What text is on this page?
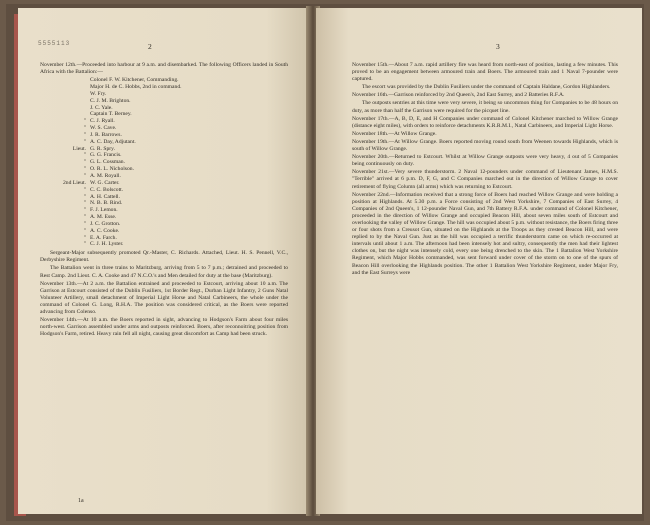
5555113	2

November 12th.—Proceeded into harbour at 9 a.m. and disembarked. The following Officers landed in South Africa with the Battalion:—

Colonel F. W. Kitchener, Commanding.
Major H. de C. Hobbs, 2nd in command.
W. Fry.
C. J. M. Brighton.
J. C. Yale.
Captain T. Berney.
" C. J. Ryall.
" W. S. Cave.
" J. R. Barrows.
" A. C. Day, Adjutant.
Lieut. G. R. Spry.
" G. G. Francis.
" G. L. Cossman.
" O. R. L. Nicholson.
" A. M. Royall.
2nd Lieut. W. G. Carter.
" C. C. Bolscott.
" A. H. Cattell.
" N. B. B. Rind.
" F. J. Lemon.
" A. M. Esse.
" J. C. Grotton.
" A. C. Cooke.
" E. A. Farch.
" C. J. H. Lyster.

Sergeant-Major subsequently promoted Qr.-Master, C. Richards. Attached, Lieut. H. S. Pennell, V.C., Derbyshire Regiment.

The Battalion went in three trains to Maritzburg, arriving from 5 to 7 p.m.; detrained and proceeded to Rest Camp. 2nd Lieut. C. A. Cooke and 47 N.C.O.'s and Men detailed for duty at the base (Maritzburg).

November 13th.—At 2 a.m. the Battalion entrained and proceeded to Estcourt, arriving about 10 a.m. The Garrison at Estcourt consisted of the Dublin Fusiliers, 1st Border Regt., Durban Light Infantry, 2 Guns Natal Volunteer Artillery, small detachment of Imperial Light Horse and Natal Carbineers, the whole under the command of Colonel G. Long, R.H.A. The position was considered critical, as the Boers were reported advancing from Colenso.

November 14th.—At 10 a.m. the Boers reported in sight, advancing to Hodgson's Farm about four miles north-west. Garrison assembled under arms and outposts reinforced. Boers, after reconnoitring position from Hodgson's Farm, retired. Heavy rain fell all night, causing great discomfort as Camp had been struck.

1a
3

November 15th.—About 7 a.m. rapid artillery fire was heard from north-east of position, lasting a few minutes. This proved to be an engagement between armoured train and Boers. The armoured train and 1 Naval 7-pounder were captured.

The escort was provided by the Dublin Fusiliers under the command of Captain Haldane, Gordon Highlanders.

November 16th.—Garrison reinforced by 2nd Queen's, 2nd East Surrey, and 2 Batteries R.F.A.

The outposts sentries at this time were very severe, it being so uncommon thing for Companies to be 48 hours on duty, as more than half the Garrison were required for the picquet line.

November 17th.—A, B, D, E, and H Companies under command of Colonel Kitchener marched to Willow Grange (distance eight miles), with orders to reinforce detachments K.R.R.M.I., Natal Carbineers, and Imperial Light Horse.

November 18th.—At Willow Grange.

November 19th.—At Willow Grange. Boers reported moving round south from Weenen towards Highlands, which is south of Willow Grange.

November 20th.—Returned to Estcourt. Whilst at Willow Grange outposts were very heavy, 4 out of 5 Companies being continuously on duty.

November 21st.—Very severe thunderstorm. 2 Naval 12-pounders under command of Lieutenant James, H.M.S. "Terrible" arrived at 6 p.m. D, F, G, and C Companies marched out in the direction of Willow Grange to cover retirement of flying Column (all arms) which was returning to Estcourt.

November 22nd.—Information received that a strong force of Boers had reached Willow Grange and were holding a position at Highlands. At 5.30 p.m. a Force consisting of 2nd West Yorkshire, 7 Companies of East Surrey, 4 Companies of 2nd Queen's, 1 12-pounder Naval Gun, and 7th Battery R.F.A. under command of Colonel Kitchener, proceeded in the direction of Willow Grange and occupied Beacon Hill, about seven miles south of Estcourt and overlooking the valley of Willow Grange. The hill was occupied about 5 p.m. without resistance, the Boers firing three or four shots from a Creusot Gun, situated on the Highlands at the Troops as they crested Beacon Hill, and were replied to by the Naval Gun. Just as the hill was occupied a terrific thunderstorm came on which re-occurred at intervals until about 1 a.m. The afternoon had been intensely hot and sultry, consequently the men had their lightest clothes on, but the night was intensely cold, every one being drenched to the skin. The 1 Battalion West Yorkshire Regiment, which Major Hobbs commanded, was sent forward under cover of the storm on to one of the spurs of Beacon Hill overlooking the Highlands position. The other 1 Battalion West Yorkshire Regiment, under Major Fry, and the East Surreys were
